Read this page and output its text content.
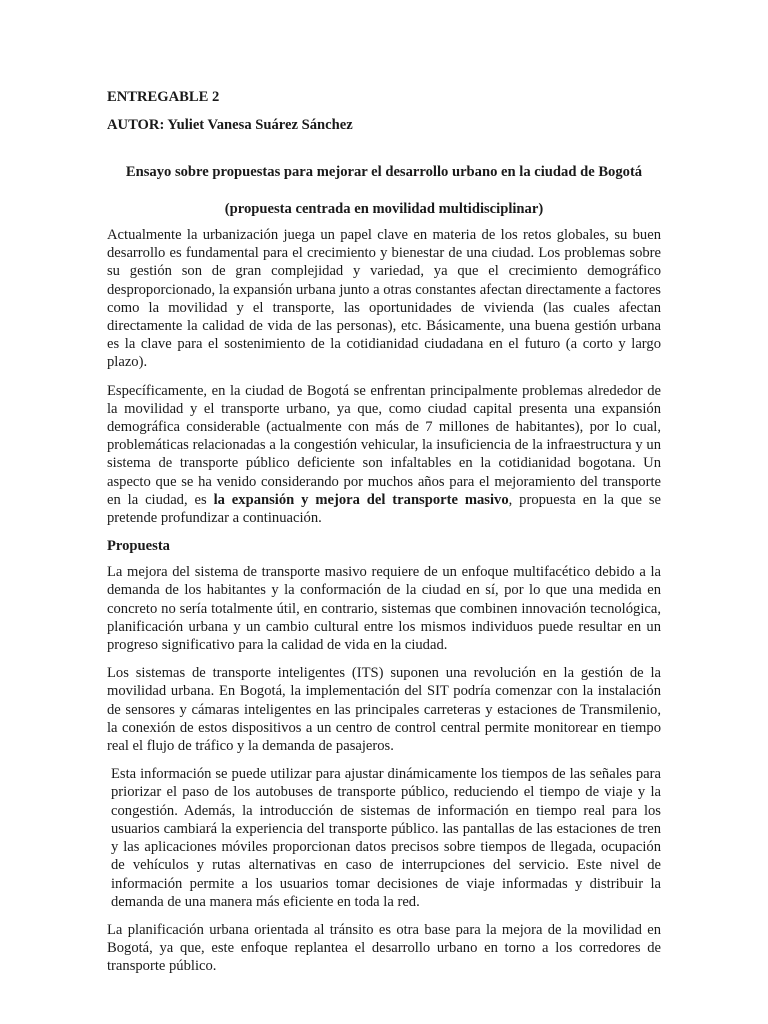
ENTREGABLE 2

AUTOR: Yuliet Vanesa Suárez Sánchez

Ensayo sobre propuestas para mejorar el desarrollo urbano en la ciudad de Bogotá

(propuesta centrada en movilidad multidisciplinar)

Actualmente la urbanización juega un papel clave en materia de los retos globales, su buen desarrollo es fundamental para el crecimiento y bienestar de una ciudad. Los problemas sobre su gestión son de gran complejidad y variedad, ya que el crecimiento demográfico desproporcionado, la expansión urbana junto a otras constantes afectan directamente a factores como la movilidad y el transporte, las oportunidades de vivienda (las cuales afectan directamente la calidad de vida de las personas), etc. Básicamente, una buena gestión urbana es la clave para el sostenimiento de la cotidianidad ciudadana en el futuro (a corto y largo plazo).

Específicamente, en la ciudad de Bogotá se enfrentan principalmente problemas alrededor de la movilidad y el transporte urbano, ya que, como ciudad capital presenta una expansión demográfica considerable (actualmente con más de 7 millones de habitantes), por lo cual, problemáticas relacionadas a la congestión vehicular, la insuficiencia de la infraestructura y un sistema de transporte público deficiente son infaltables en la cotidianidad bogotana. Un aspecto que se ha venido considerando por muchos años para el mejoramiento del transporte en la ciudad, es la expansión y mejora del transporte masivo, propuesta en la que se pretende profundizar a continuación.

Propuesta

La mejora del sistema de transporte masivo requiere de un enfoque multifacético debido a la demanda de los habitantes y la conformación de la ciudad en sí, por lo que una medida en concreto no sería totalmente útil, en contrario, sistemas que combinen innovación tecnológica, planificación urbana y un cambio cultural entre los mismos individuos puede resultar en un progreso significativo para la calidad de vida en la ciudad.

Los sistemas de transporte inteligentes (ITS) suponen una revolución en la gestión de la movilidad urbana. En Bogotá, la implementación del SIT podría comenzar con la instalación de sensores y cámaras inteligentes en las principales carreteras y estaciones de Transmilenio, la conexión de estos dispositivos a un centro de control central permite monitorear en tiempo real el flujo de tráfico y la demanda de pasajeros.

Esta información se puede utilizar para ajustar dinámicamente los tiempos de las señales para priorizar el paso de los autobuses de transporte público, reduciendo el tiempo de viaje y la congestión. Además, la introducción de sistemas de información en tiempo real para los usuarios cambiará la experiencia del transporte público. las pantallas de las estaciones de tren y las aplicaciones móviles proporcionan datos precisos sobre tiempos de llegada, ocupación de vehículos y rutas alternativas en caso de interrupciones del servicio. Este nivel de información permite a los usuarios tomar decisiones de viaje informadas y distribuir la demanda de una manera más eficiente en toda la red.

La planificación urbana orientada al tránsito es otra base para la mejora de la movilidad en Bogotá, ya que, este enfoque replantea el desarrollo urbano en torno a los corredores de transporte público.
